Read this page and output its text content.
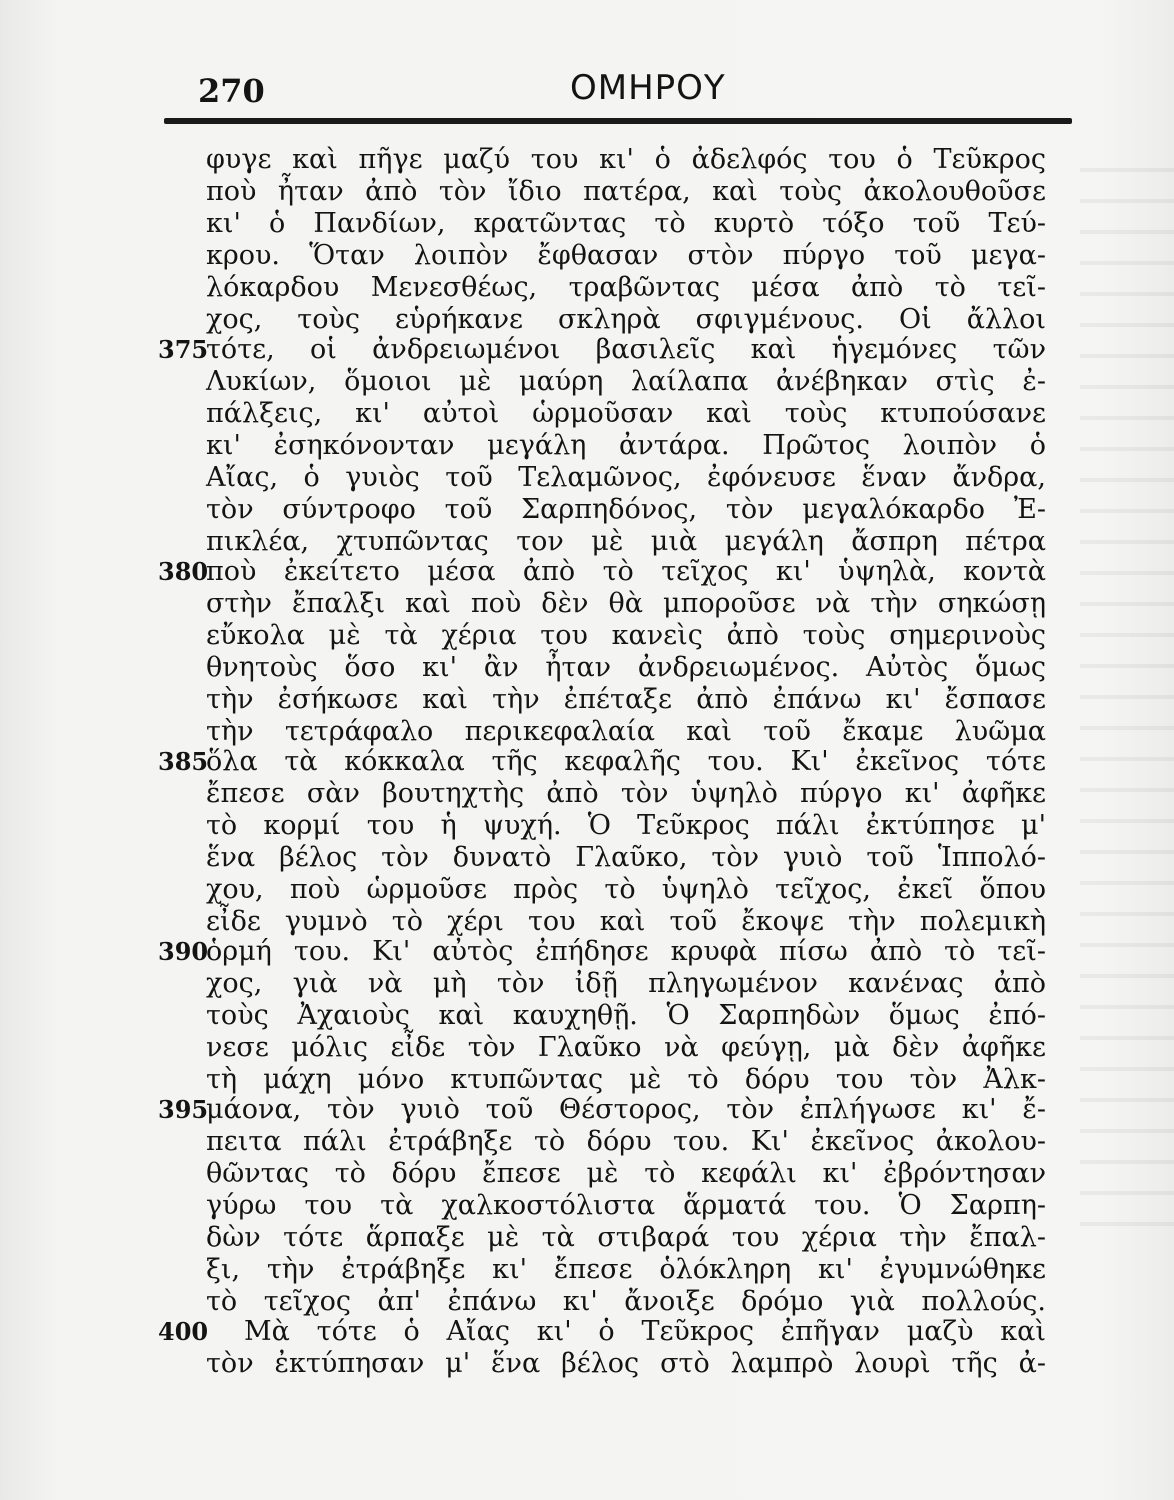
270	ΟΜΗΡΟΥ
φυγε καὶ πῆγε μαζύ του κι' ὁ ἀδελφός του ὁ Τεῦκρος
ποὺ ἦταν ἀπὸ τὸν ἴδιο πατέρα, καὶ τοὺς ἀκολουθοῦσε
κι' ὁ Πανδίων, κρατῶντας τὸ κυρτὸ τόξο τοῦ Τεύ-
κρου. Ὅταν λοιπὸν ἔφθασαν στὸν πύργο τοῦ μεγα-
λόκαρδου Μενεσθέως, τραβῶντας μέσα ἀπὸ τὸ τεῖ-
χος, τοὺς εὑρήκανε σκληρὰ σφιγμένους. Οἱ ἄλλοι
375
τότε, οἱ ἀνδρειωμένοι βασιλεῖς καὶ ἡγεμόνες τῶν
Λυκίων, ὅμοιοι μὲ μαύρη λαίλαπα ἀνέβηκαν στὶς ἐ-
πάλξεις, κι' αὐτοὶ ὡρμοῦσαν καὶ τοὺς κτυπούσανε
κι' ἐσηκόνονταν μεγάλη ἀντάρα. Πρῶτος λοιπὸν ὁ
Αἴας, ὁ γυιὸς τοῦ Τελαμῶνος, ἐφόνευσε ἕναν ἄνδρα,
τὸν σύντροφο τοῦ Σαρπηδόνος, τὸν μεγαλόκαρδο Ἐ-
πικλέα, χτυπῶντας τον μὲ μιὰ μεγάλη ἄσπρη πέτρα
380
ποὺ ἐκείτετο μέσα ἀπὸ τὸ τεῖχος κι' ὑψηλὰ, κοντὰ
στὴν ἔπαλξι καὶ ποὺ δὲν θὰ μποροῦσε νὰ τὴν σηκώσῃ
εὔκολα μὲ τὰ χέρια του κανεὶς ἀπὸ τοὺς σημερινοὺς
θνητοὺς ὅσο κι' ἂν ἦταν ἀνδρειωμένος. Αὐτὸς ὅμως
τὴν ἐσήκωσε καὶ τὴν ἐπέταξε ἀπὸ ἐπάνω κι' ἔσπασε
τὴν τετράφαλο περικεφαλαία καὶ τοῦ ἔκαμε λυῶμα
385
ὅλα τὰ κόκκαλα τῆς κεφαλῆς του. Κι' ἐκεῖνος τότε
ἔπεσε σὰν βουτηχτὴς ἀπὸ τὸν ὑψηλὸ πύργο κι' ἀφῆκε
τὸ κορμί του ἡ ψυχή. Ὁ Τεῦκρος πάλι ἐκτύπησε μ'
ἕνα βέλος τὸν δυνατὸ Γλαῦκο, τὸν γυιὸ τοῦ Ἱππολό-
χου, ποὺ ὡρμοῦσε πρὸς τὸ ὑψηλὸ τεῖχος, ἐκεῖ ὅπου
εἶδε γυμνὸ τὸ χέρι του καὶ τοῦ ἔκοψε τὴν πολεμικὴ
390
ὁρμή του. Κι' αὐτὸς ἐπήδησε κρυφὰ πίσω ἀπὸ τὸ τεῖ-
χος, γιὰ νὰ μὴ τὸν ἰδῇ πληγωμένον κανένας ἀπὸ
τοὺς Ἀχαιοὺς καὶ καυχηθῇ. Ὁ Σαρπηδὼν ὅμως ἐπό-
νεσε μόλις εἶδε τὸν Γλαῦκο νὰ φεύγῃ, μὰ δὲν ἀφῆκε
τὴ μάχη μόνο κτυπῶντας μὲ τὸ δόρυ του τὸν Ἀλκ-
395
μάονα, τὸν γυιὸ τοῦ Θέστορος, τὸν ἐπλήγωσε κι' ἔ-
πειτα πάλι ἐτράβηξε τὸ δόρυ του. Κι' ἐκεῖνος ἀκολου-
θῶντας τὸ δόρυ ἔπεσε μὲ τὸ κεφάλι κι' ἐβρόντησαν
γύρω του τὰ χαλκοστόλιστα ἅρματά του. Ὁ Σαρπη-
δὼν τότε ἅρπαξε μὲ τὰ στιβαρά του χέρια τὴν ἔπαλ-
ξι, τὴν ἐτράβηξε κι' ἔπεσε ὁλόκληρη κι' ἐγυμνώθηκε
τὸ τεῖχος ἀπ' ἐπάνω κι' ἄνοιξε δρόμο γιὰ πολλούς.
400 Μὰ τότε ὁ Αἴας κι' ὁ Τεῦκρος ἐπῆγαν μαζὺ καὶ
τὸν ἐκτύπησαν μ' ἕνα βέλος στὸ λαμπρὸ λουρὶ τῆς ἀ-
